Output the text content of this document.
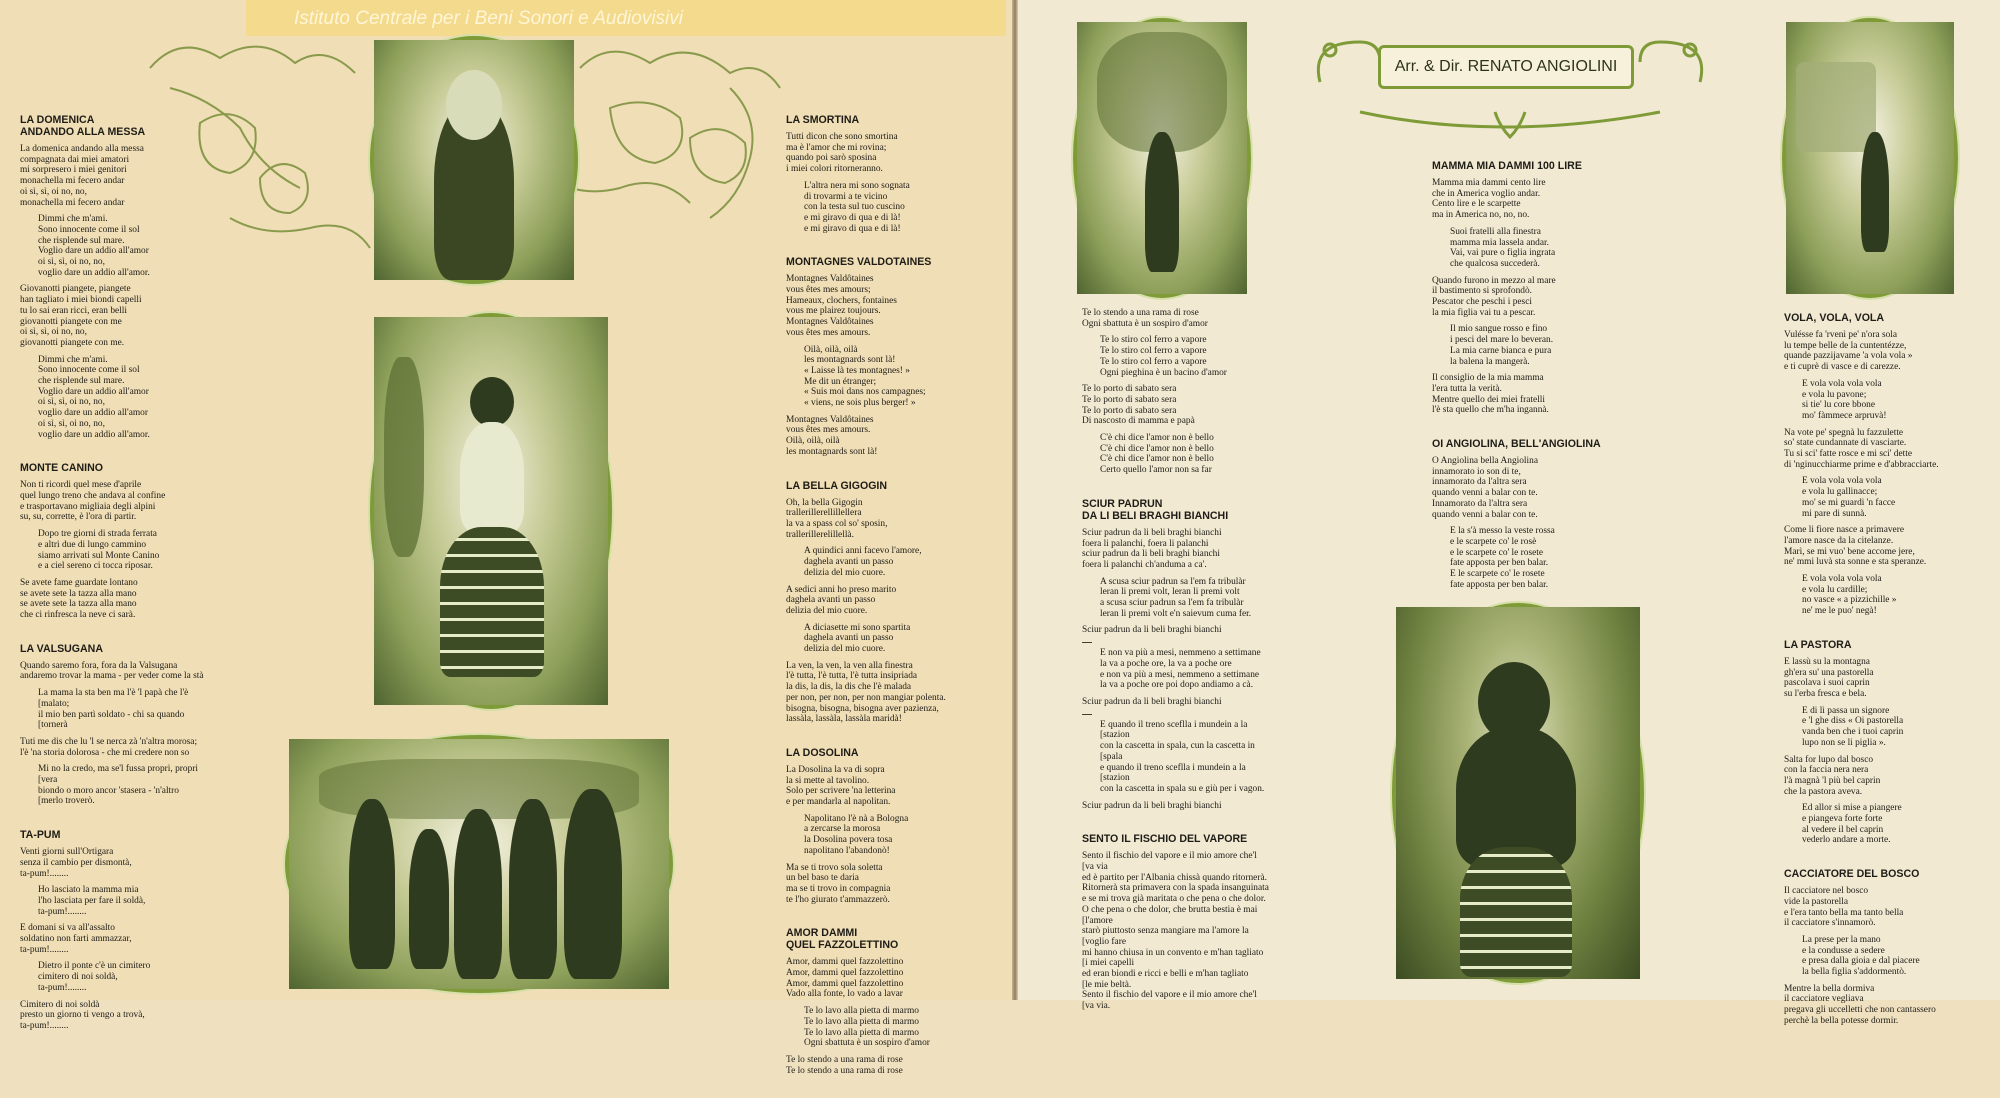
Istituto Centrale per i Beni Sonori e Audiovisivi
LA DOMENICA
ANDANDO ALLA MESSA

La domenica andando alla messa
compagnata dai miei amatori
mi sorpresero i miei genitori
monachella mi fecero andar
oi sì, sì, oi no, no,
monachella mi fecero andar

Dimmi che m'ami.
Sono innocente come il sol
che risplende sul mare.
Voglio dare un addio all'amor
oi sì, sì, oi no, no,
voglio dare un addio all'amor.

Giovanotti piangete, piangete
han tagliato i miei biondi capelli
tu lo sai eran ricci, eran belli
giovanotti piangete con me
oi sì, sì, oi no, no,
giovanotti piangete con me.

Dimmi che m'ami.
Sono innocente come il sol
che risplende sul mare.
Voglio dare un addio all'amor
oi sì, sì, oi no, no,
voglio dare un addio all'amor
oi sì, sì, oi no, no,
voglio dare un addio all'amor.

MONTE CANINO

Non ti ricordi quel mese d'aprile
quel lungo treno che andava al confine
e trasportavano migliaia degli alpini
su, su, corrette, è l'ora di partir.

Dopo tre giorni di strada ferrata
e altri due di lungo cammino
siamo arrivati sul Monte Canino
e a ciel sereno ci tocca riposar.

Se avete fame guardate lontano
se avete sete la tazza alla mano
se avete sete la tazza alla mano
che ci rinfresca la neve ci sarà.

LA VALSUGANA

Quando saremo fora, fora da la Valsugana
andaremo trovar la mama - per veder come la stà

La mama la sta ben ma l'è 'l papà che l'è
[malato;
il mio ben partì soldato - chi sa quando
[tornerà

Tuti me dis che lu 'l se nerca zà 'n'altra morosa;
l'è 'na storia dolorosa - che mi credere non so

Mi no la credo, ma se'l fussa propri, propri
[vera
biondo o moro ancor 'stasera - 'n'altro
[merlo troverò.

TA-PUM

Venti giorni sull'Ortigara
senza il cambio per dismontà,
ta-pum!........

Ho lasciato la mamma mia
l'ho lasciata per fare il soldà,
ta-pum!........

E domani si va all'assalto
soldatino non farti ammazzar,
ta-pum!........

Dietro il ponte c'è un cimitero
cimitero di noi soldà,
ta-pum!........

Cimitero di noi soldà
presto un giorno ti vengo a trovà,
ta-pum!........

LA SMORTINA

Tutti dicon che sono smortina
ma è l'amor che mi rovina;
quando poi sarò sposina
i miei colori ritorneranno.

L'altra nera mi sono sognata
di trovarmi a te vicino
con la testa sul tuo cuscino
e mi giravo di qua e di là!
e mi giravo di qua e di là!

MONTAGNES VALDOTAINES

Montagnes Valdôtaines
vous êtes mes amours;
Hameaux, clochers, fontaines
vous me plairez toujours.
Montagnes Valdôtaines
vous êtes mes amours.

Oilà, oilà, oilà
les montagnards sont là!
« Laisse là tes montagnes! »
Me dit un étranger;
« Suis moi dans nos campagnes;
« viens, ne sois plus berger! »

Montagnes Valdôtaines
vous êtes mes amours.
Oilà, oilà, oilà
les montagnards sont là!

LA BELLA GIGOGIN

Oh, la bella Gigogin
trallerillerellillellera
la va a spass col so' sposin,
trallerillerelillellà.

A quindici anni facevo l'amore,
daghela avanti un passo
delizia del mio cuore.

A sedici anni ho preso marito
daghela avanti un passo
delizia del mio cuore.

A diciasette mi sono spartita
daghela avanti un passo
delizia del mio cuore.

La ven, la ven, la ven alla finestra
l'è tutta, l'è tutta, l'è tutta insipriada
la dis, la dis, la dis che l'è malada
per non, per non, per non mangiar polenta.
bisogna, bisogna, bisogna aver pazienza,
lassàla, lassàla, lassàla maridà!

LA DOSOLINA

La Dosolina la va di sopra
la si mette al tavolino.
Solo per scrivere 'na letterina
e per mandarla al napolitan.

Napolitano l'è nà a Bologna
a zercarse la morosa
la Dosolina povera tosa
napolitano l'abandonò!

Ma se ti trovo sola soletta
un bel baso te daria
ma se ti trovo in compagnia
te l'ho giurato t'ammazzerò.

AMOR DAMMI
QUEL FAZZOLETTINO

Amor, dammi quel fazzolettino
Amor, dammi quel fazzolettino
Amor, dammi quel fazzolettino
Vado alla fonte, lo vado a lavar

Te lo lavo alla pietta di marmo
Te lo lavo alla pietta di marmo
Te lo lavo alla pietta di marmo
Ogni sbattuta è un sospiro d'amor

Te lo stendo a una rama di rose
Te lo stendo a una rama di rose

Arr. & Dir. RENATO ANGIOLINI

Te lo stendo a una rama di rose
Ogni sbattuta è un sospiro d'amor

Te lo stiro col ferro a vapore
Te lo stiro col ferro a vapore
Te lo stiro col ferro a vapore
Ogni pieghina è un bacino d'amor

Te lo porto di sabato sera
Te lo porto di sabato sera
Te lo porto di sabato sera
Di nascosto di mamma e papà

C'è chi dice l'amor non è bello
C'è chi dice l'amor non è bello
C'è chi dice l'amor non è bello
Certo quello l'amor non sa far

SCIUR PADRUN
DA LI BELI BRAGHI BIANCHI

Sciur padrun da li beli braghi bianchi
foera li palanchi, foera li palanchi
sciur padrun da li beli braghi bianchi
foera li palanchi ch'anduma a ca'.

A scusa sciur padrun sa l'em fa tribulàr
leran li premi volt, leran li premi volt
a scusa sciur padrun sa l'em fa tribulàr
leran li premi volt e'n saievum cuma fer.

Sciur padrun da li beli braghi bianchi

E non va più a mesi, nemmeno a settimane
la va a poche ore, la va a poche ore
e non va più a mesi, nemmeno a settimane
la va a poche ore poi dopo andiamo a cà.

Sciur padrun da li beli braghi bianchi

E quando il treno sceflla i mundein a la
[stazion
con la cascetta in spala, cun la cascetta in
[spala
e quando il treno sceflla i mundein a la
[stazion
con la cascetta in spala su e giù per i vagon.

Sciur padrun da li beli braghi bianchi

SENTO IL FISCHIO DEL VAPORE

Sento il fischio del vapore e il mio amore che'l
[va via
ed è partito per l'Albania chissà quando ritornerà.
Ritornerà sta primavera con la spada insanguinata
e se mi trova già maritata o che pena o che dolor.
O che pena o che dolor, che brutta bestia è mai
[l'amore
starò piuttosto senza mangiare ma l'amore la
[voglio fare
mi hanno chiusa in un convento e m'han tagliato
[i miei capelli
ed eran biondi e ricci e belli e m'han tagliato
[le mie beltà.
Sento il fischio del vapore e il mio amore che'l
[va via.

MAMMA MIA DAMMI 100 LIRE

Mamma mia dammi cento lire
che in America voglio andar.
Cento lire e le scarpette
ma in America no, no, no.

Suoi fratelli alla finestra
mamma mia lassela andar.
Vai, vai pure o figlia ingrata
che qualcosa succederà.

Quando furono in mezzo al mare
il bastimento si sprofondò.
Pescator che peschi i pesci
la mia figlia vai tu a pescar.

Il mio sangue rosso e fino
i pesci del mare lo beveran.
La mia carne bianca e pura
la balena la mangerà.

Il consiglio de la mia mamma
l'era tutta la verità.
Mentre quello dei miei fratelli
l'è sta quello che m'ha ingannà.

OI ANGIOLINA, BELL'ANGIOLINA

O Angiolina bella Angiolina
innamorato io son di te,
innamorato da l'altra sera
quando venni a balar con te.
Innamorato da l'altra sera
quando venni a balar con te.

E la s'à messo la veste rossa
e le scarpete co' le rosè
e le scarpete co' le rosete
fate apposta per ben balar.
E le scarpete co' le rosete
fate apposta per ben balar.

VOLA, VOLA, VOLA

Vulésse fa 'rvenì pe' n'ora sola
lu tempe belle de la cuntentézze,
quande pazzijavame 'a vola vola »
e ti cuprè di vasce e di carezze.

E vola vola vola vola
e vola lu pavone;
si tie' lu core bbone
mo' fàmmece arpruvà!

Na vote pe' spegnà lu fazzulette
so' state cundannate di vasciarte.
Tu si sci' fatte rosce e mi sci' dette
di 'nginucchiarme prime e d'abbracciarte.

E vola vola vola vola
e vola lu gallinacce;
mo' se mi guardi 'n facce
mi pare di sunnà.

Come li fiore nasce a primavere
l'amore nasce da la citelanze.
Marì, se mi vuo' bene accome jere,
ne' mmi luvà sta sonne e sta speranze.

E vola vola vola vola
e vola lu cardille;
no vasce « a pizzichille »
ne' me le puo' negà!

LA PASTORA

E lassù su la montagna
gh'era su' una pastorella
pascolava i suoi caprin
su l'erba fresca e bela.

E di lì passa un signore
e 'l ghe diss « Oi pastorella
vanda ben che i tuoi caprin
lupo non se li piglia ».

Salta for lupo dal bosco
con la faccia nera nera
l'à magnà 'l più bel caprin
che la pastora aveva.

Ed allor si mise a piangere
e piangeva forte forte
al vedere il bel caprin
vederlo andare a morte.

CACCIATORE DEL BOSCO

Il cacciatore nel bosco
vide la pastorella
e l'era tanto bella ma tanto bella
il cacciatore s'innamorò.

La prese per la mano
e la condusse a sedere
e presa dalla gioia e dal piacere
la bella figlia s'addormentò.

Mentre la bella dormiva
il cacciatore vegliava
pregava gli uccelletti che non cantassero
perchè la bella potesse dormir.
